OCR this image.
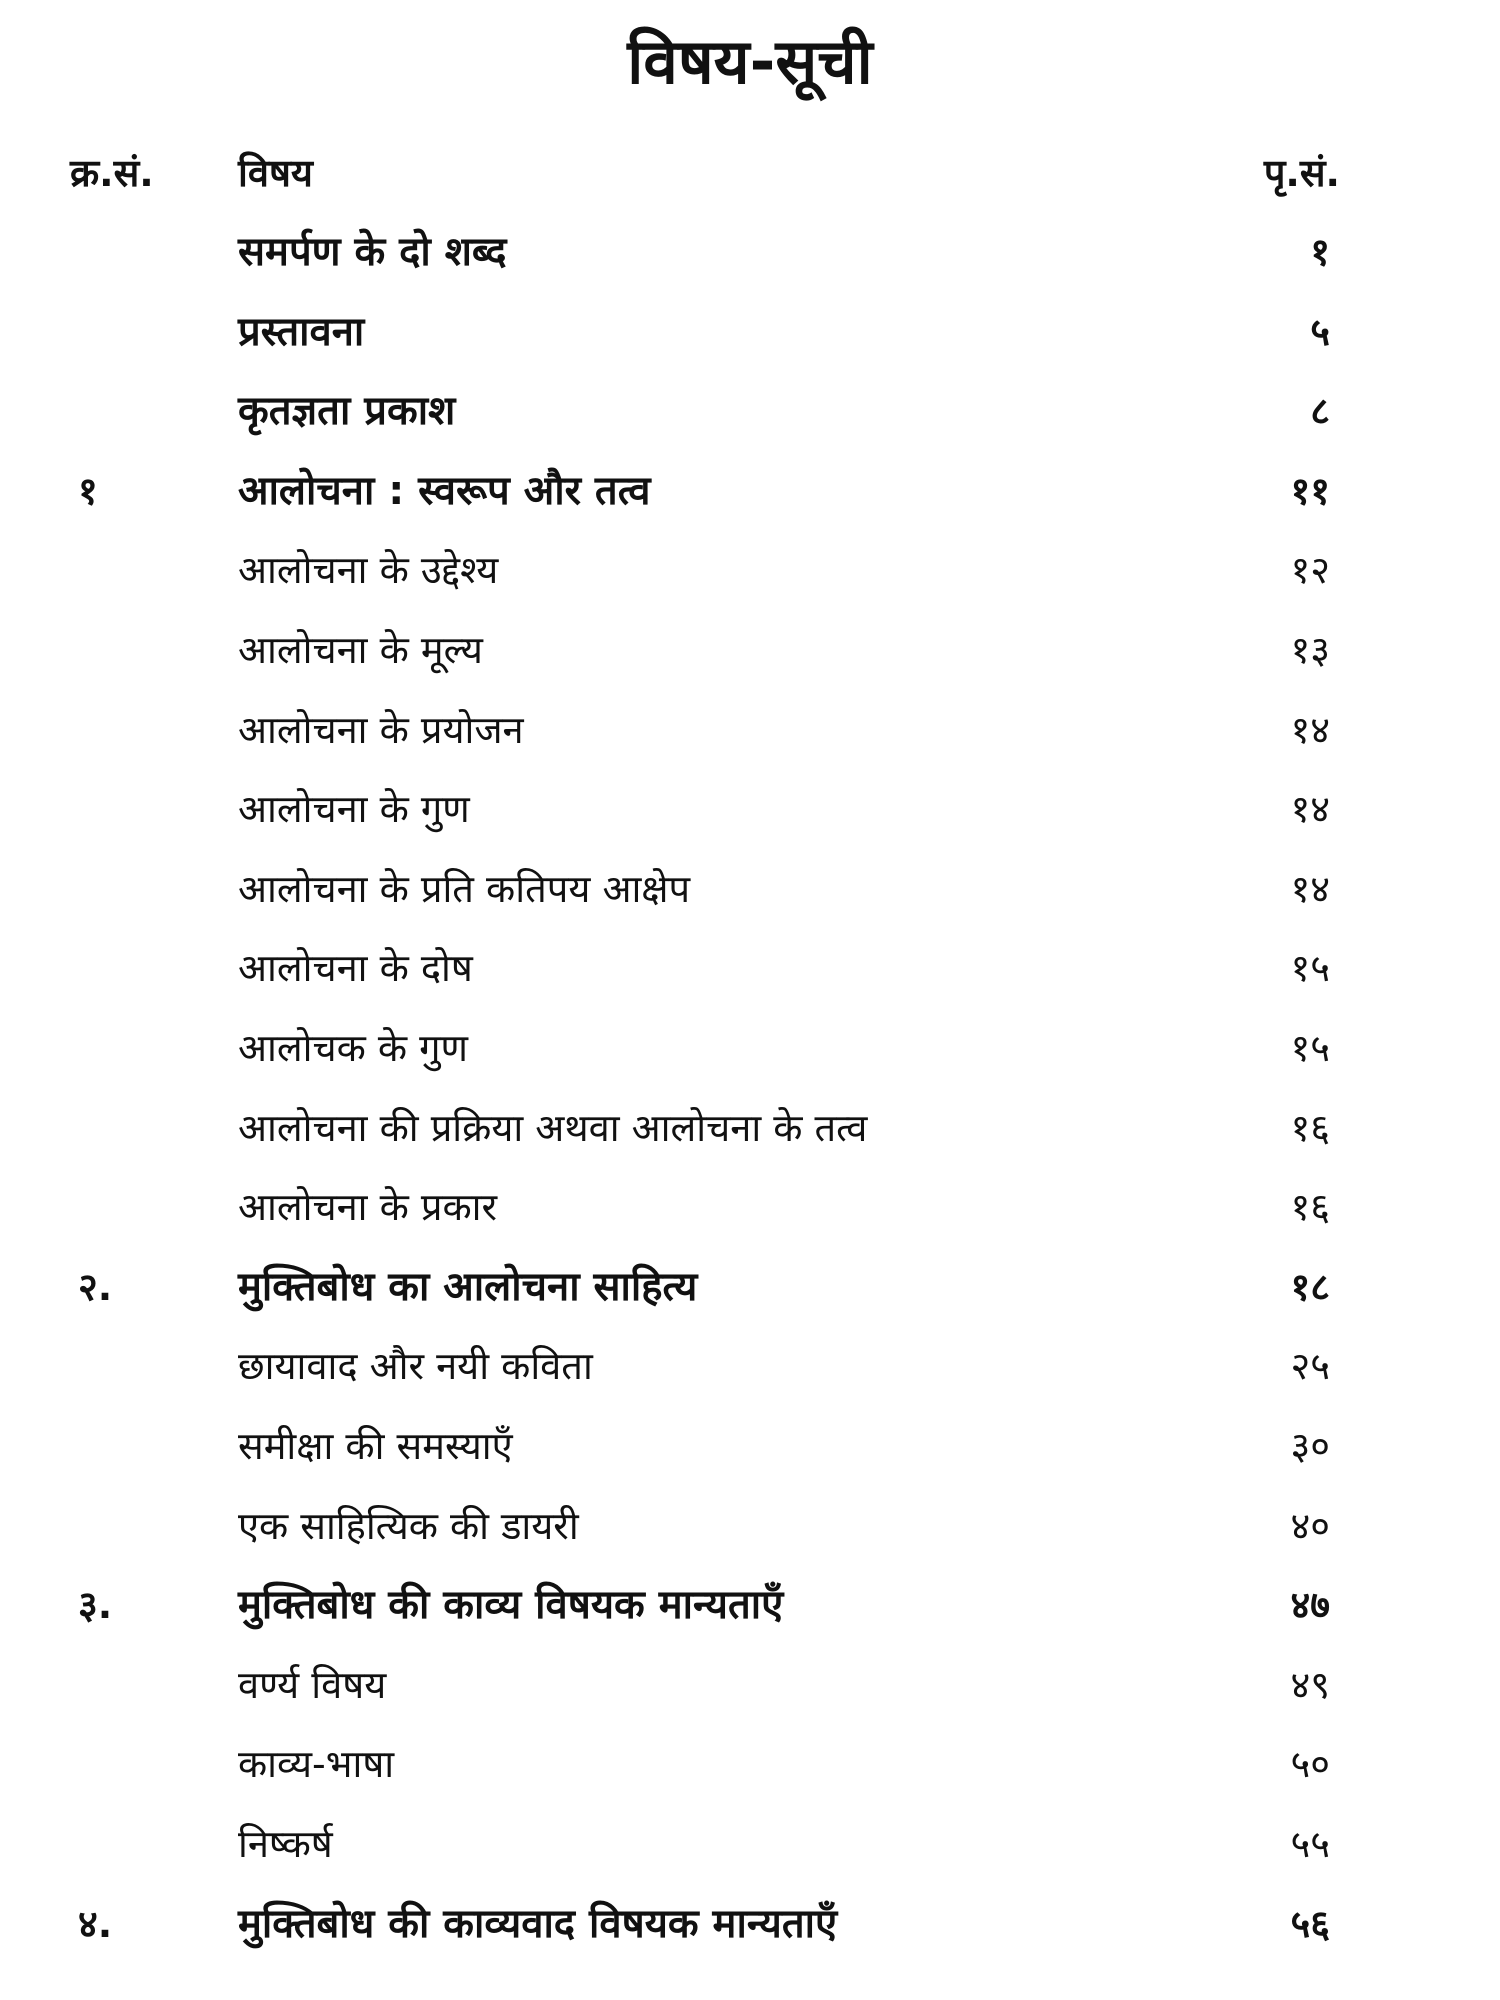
विषय-सूची
क्र.सं. विषय	पृ.सं.
समर्पण के दो शब्द	१
प्रस्तावना	५
कृतज्ञता प्रकाश	८
१	आलोचना : स्वरूप और तत्व	११
आलोचना के उद्देश्य	१२
आलोचना के मूल्य	१३
आलोचना के प्रयोजन	१४
आलोचना के गुण	१४
आलोचना के प्रति कतिपय आक्षेप	१४
आलोचना के दोष	१५
आलोचक के गुण	१५
आलोचना की प्रक्रिया अथवा आलोचना के तत्व	१६
आलोचना के प्रकार	१६
२.	मुक्तिबोध का आलोचना साहित्य	१८
छायावाद और नयी कविता	२५
समीक्षा की समस्याएँ	३०
एक साहित्यिक की डायरी	४०
३.	मुक्तिबोध की काव्य विषयक मान्यताएँ	४७
वर्ण्य विषय	४९
काव्य-भाषा	५०
निष्कर्ष	५५
४.	मुक्तिबोध की काव्यवाद विषयक मान्यताएँ	५६
